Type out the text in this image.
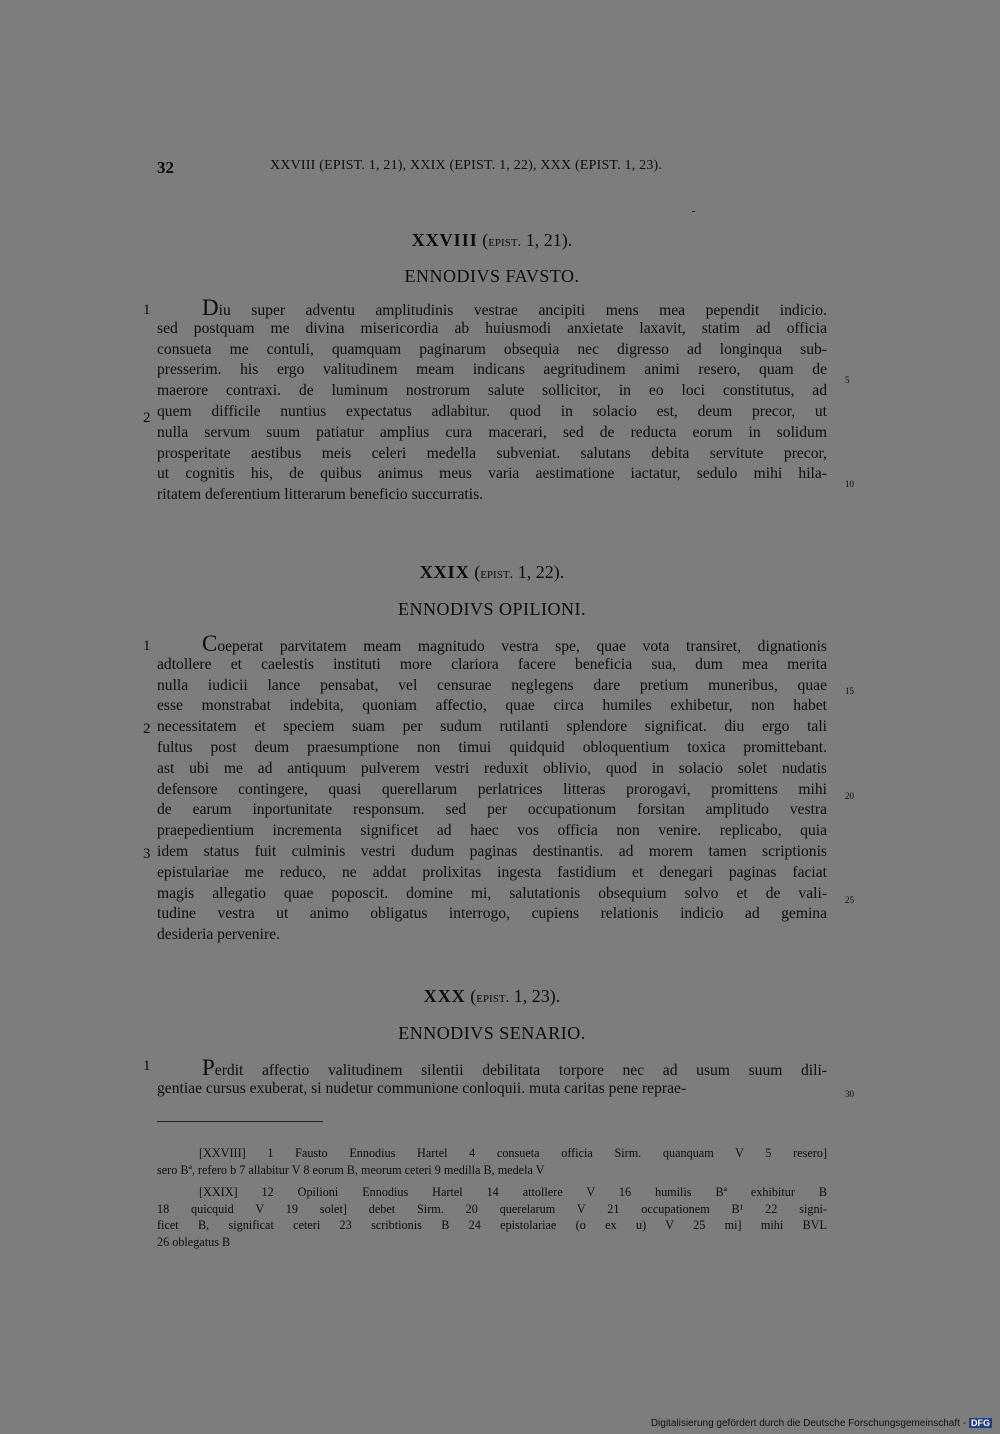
32	XXVIII (EPIST. 1, 21), XXIX (EPIST. 1, 22), XXX (EPIST. 1, 23).
XXVIII (epist. 1, 21).
ENNODIVS FAVSTO.
Diu super adventu amplitudinis vestrae ancipiti mens mea pependit indicio.
sed postquam me divina misericordia ab huiusmodi anxietate laxavit, statim ad officia
consueta me contuli, quamquam paginarum obsequia nec digresso ad longinqua sub-
presserim. his ergo valitudinem meam indicans aegritudinem animi resero, quam de
maerore contraxi. de luminum nostrorum salute sollicitor, in eo loci constitutus, ad
quem difficile nuntius expectatus adlabitur. quod in solacio est, deum precor, ut
nulla servum suum patiatur amplius cura macerari, sed de reducta eorum in solidum
prosperitate aestibus meis celeri medella subveniat. salutans debita servitute precor,
ut cognitis his, de quibus animus meus varia aestimatione iactatur, sedulo mihi hila-
ritatem deferentium litterarum beneficio succurratis.
1
2
5
10
XXIX (epist. 1, 22).
ENNODIVS OPILIONI.
Coeperat parvitatem meam magnitudo vestra spe, quae vota transiret, dignationis
adtollere et caelestis instituti more clariora facere beneficia sua, dum mea merita
nulla iudicii lance pensabat, vel censurae neglegens dare pretium muneribus, quae
esse monstrabat indebita, quoniam affectio, quae circa humiles exhibetur, non habet
necessitatem et speciem suam per sudum rutilanti splendore significat. diu ergo tali
fultus post deum praesumptione non timui quidquid obloquentium toxica promittebant.
ast ubi me ad antiquum pulverem vestri reduxit oblivio, quod in solacio solet nudatis
defensore contingere, quasi querellarum perlatrices litteras prorogavi, promittens mihi
de earum inportunitate responsum. sed per occupationum forsitan amplitudo vestra
praepedientium incrementa significet ad haec vos officia non venire. replicabo, quia
idem status fuit culminis vestri dudum paginas destinantis. ad morem tamen scriptionis
epistulariae me reduco, ne addat prolixitas ingesta fastidium et denegari paginas faciat
magis allegatio quae poposcit. domine mi, salutationis obsequium solvo et de vali-
tudine vestra ut animo obligatus interrogo, cupiens relationis indicio ad gemina
desideria pervenire.
1
2
3
15
20
25
XXX (epist. 1, 23).
ENNODIVS SENARIO.
Perdit affectio valitudinem silentii debilitata torpore nec ad usum suum dili-
gentiae cursus exuberat, si nudetur communione conloquii. muta caritas pene reprae-
1
30
[XXVIII] 1 Fausto Ennodius Hartel 4 consueta officia Sirm. quanquam V 5 resero]
sero Bª, refero b 7 allabitur V 8 eorum B, meorum ceteri 9 medilla B, medela V
[XXIX] 12 Opilioni Ennodius Hartel 14 attollere V 16 humilis Bª exhibitur B
18 quicquid V 19 solet] debet Sirm. 20 querelarum V 21 occupationem B¹ 22 signi-
ficet B, significat ceteri 23 scribtionis B 24 epistolariae (o ex u) V 25 mi] mihi BVL
26 oblegatus B
Digitalisierung gefördert durch die Deutsche Forschungsgemeinschaft - DFG
